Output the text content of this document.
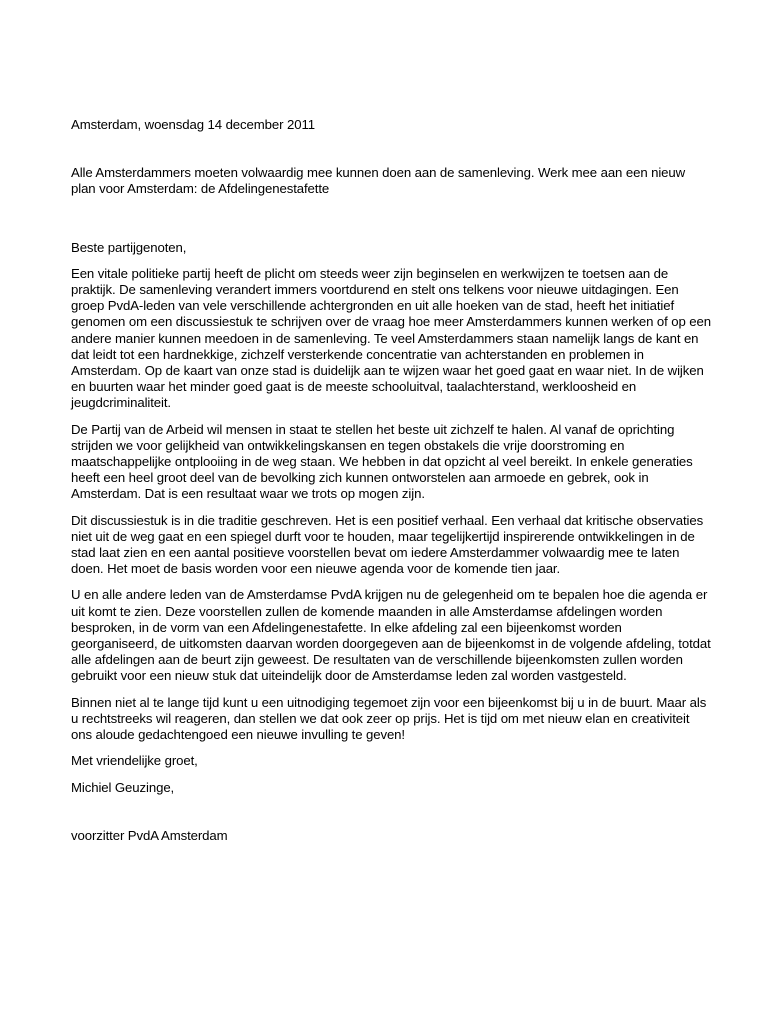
Amsterdam, woensdag 14 december 2011

Alle Amsterdammers moeten volwaardig mee kunnen doen aan de samenleving. Werk mee aan een nieuw plan voor Amsterdam: de Afdelingenestafette

Beste partijgenoten,

Een vitale politieke partij heeft de plicht om steeds weer zijn beginselen en werkwijzen te toetsen aan de praktijk. De samenleving verandert immers voortdurend en stelt ons telkens voor nieuwe uitdagingen. Een groep PvdA-leden van vele verschillende achtergronden en uit alle hoeken van de stad, heeft het initiatief genomen om een discussiestuk te schrijven over de vraag hoe meer Amsterdammers kunnen werken of op een andere manier kunnen meedoen in de samenleving. Te veel Amsterdammers staan namelijk langs de kant en dat leidt tot een hardnekkige, zichzelf versterkende concentratie van achterstanden en problemen in Amsterdam. Op de kaart van onze stad is duidelijk aan te wijzen waar het goed gaat en waar niet. In de wijken en buurten waar het minder goed gaat is de meeste schooluitval, taalachterstand, werkloosheid en jeugdcriminaliteit.

De Partij van de Arbeid wil mensen in staat te stellen het beste uit zichzelf te halen. Al vanaf de oprichting strijden we voor gelijkheid van ontwikkelingskansen en tegen obstakels die vrije doorstroming en maatschappelijke ontplooiing in de weg staan. We hebben in dat opzicht al veel bereikt. In enkele generaties heeft een heel groot deel van de bevolking zich kunnen ontworstelen aan armoede en gebrek, ook in Amsterdam. Dat is een resultaat waar we trots op mogen zijn.

Dit discussiestuk is in die traditie geschreven. Het is een positief verhaal. Een verhaal dat kritische observaties niet uit de weg gaat en een spiegel durft voor te houden, maar tegelijkertijd inspirerende ontwikkelingen in de stad laat zien en een aantal positieve voorstellen bevat om iedere Amsterdammer volwaardig mee te laten doen. Het moet de basis worden voor een nieuwe agenda voor de komende tien jaar.

U en alle andere leden van de Amsterdamse PvdA krijgen nu de gelegenheid om te bepalen hoe die agenda er uit komt te zien. Deze voorstellen zullen de komende maanden in alle Amsterdamse afdelingen worden besproken, in de vorm van een Afdelingenestafette. In elke afdeling zal een bijeenkomst worden georganiseerd, de uitkomsten daarvan worden doorgegeven aan de bijeenkomst in de volgende afdeling, totdat alle afdelingen aan de beurt zijn geweest. De resultaten van de verschillende bijeenkomsten zullen worden gebruikt voor een nieuw stuk dat uiteindelijk door de Amsterdamse leden zal worden vastgesteld.

Binnen niet al te lange tijd kunt u een uitnodiging tegemoet zijn voor een bijeenkomst bij u in de buurt. Maar als u rechtstreeks wil reageren, dan stellen we dat ook zeer op prijs. Het is tijd om met nieuw elan en creativiteit ons aloude gedachtengoed een nieuwe invulling te geven!

Met vriendelijke groet,

Michiel Geuzinge,

voorzitter PvdA Amsterdam
